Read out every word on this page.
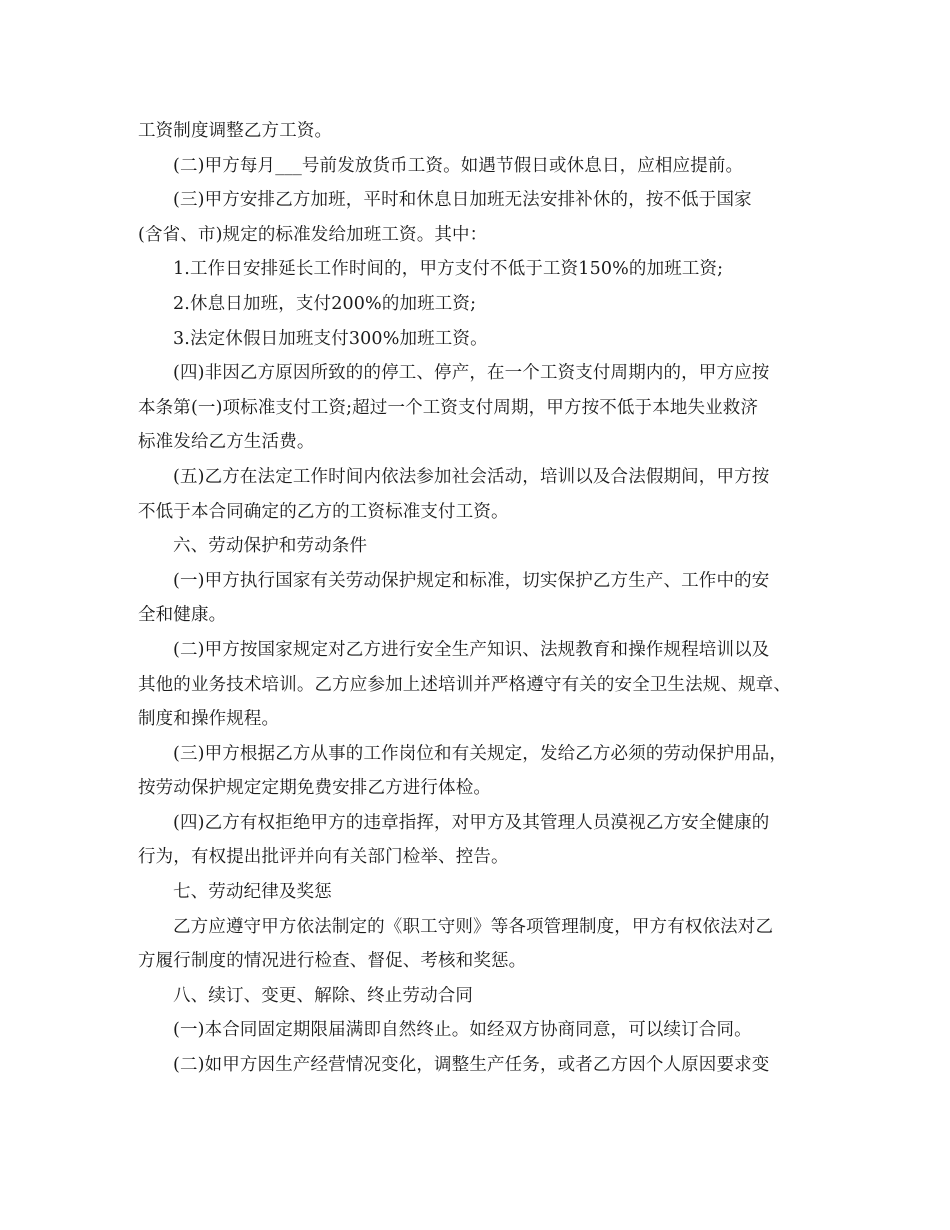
工资制度调整乙方工资。
(二)甲方每月___号前发放货币工资。如遇节假日或休息日，应相应提前。
(三)甲方安排乙方加班，平时和休息日加班无法安排补休的，按不低于国家
(含省、市)规定的标准发给加班工资。其中：
1.工作日安排延长工作时间的，甲方支付不低于工资150%的加班工资;
2.休息日加班，支付200%的加班工资;
3.法定休假日加班支付300%加班工资。
(四)非因乙方原因所致的的停工、停产，在一个工资支付周期内的，甲方应按
本条第(一)项标准支付工资;超过一个工资支付周期，甲方按不低于本地失业救济
标准发给乙方生活费。
(五)乙方在法定工作时间内依法参加社会活动，培训以及合法假期间，甲方按
不低于本合同确定的乙方的工资标准支付工资。
六、劳动保护和劳动条件
(一)甲方执行国家有关劳动保护规定和标准，切实保护乙方生产、工作中的安
全和健康。
(二)甲方按国家规定对乙方进行安全生产知识、法规教育和操作规程培训以及
其他的业务技术培训。乙方应参加上述培训并严格遵守有关的安全卫生法规、规章、
制度和操作规程。
(三)甲方根据乙方从事的工作岗位和有关规定，发给乙方必须的劳动保护用品，
按劳动保护规定定期免费安排乙方进行体检。
(四)乙方有权拒绝甲方的违章指挥，对甲方及其管理人员漠视乙方安全健康的
行为，有权提出批评并向有关部门检举、控告。
七、劳动纪律及奖惩
乙方应遵守甲方依法制定的《职工守则》等各项管理制度，甲方有权依法对乙
方履行制度的情况进行检查、督促、考核和奖惩。
八、续订、变更、解除、终止劳动合同
(一)本合同固定期限届满即自然终止。如经双方协商同意，可以续订合同。
(二)如甲方因生产经营情况变化，调整生产任务，或者乙方因个人原因要求变
